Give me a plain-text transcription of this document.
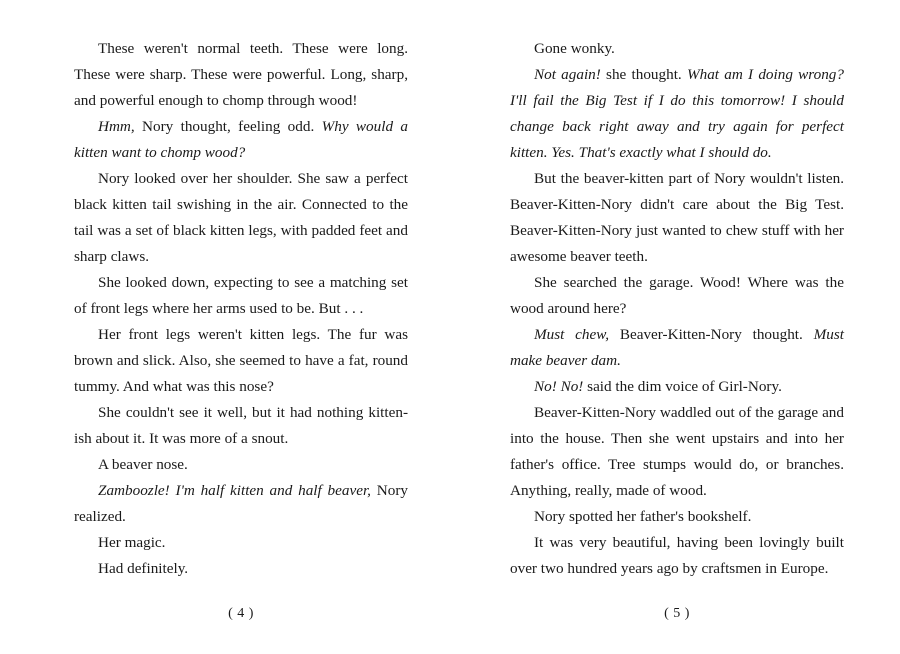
These weren't normal teeth. These were long. These were sharp. These were powerful. Long, sharp, and powerful enough to chomp through wood!

Hmm, Nory thought, feeling odd. Why would a kitten want to chomp wood?

Nory looked over her shoulder. She saw a perfect black kitten tail swishing in the air. Connected to the tail was a set of black kitten legs, with padded feet and sharp claws.

She looked down, expecting to see a matching set of front legs where her arms used to be. But . . .

Her front legs weren't kitten legs. The fur was brown and slick. Also, she seemed to have a fat, round tummy. And what was this nose?

She couldn't see it well, but it had nothing kittenish about it. It was more of a snout.

A beaver nose.

Zamboozle! I'm half kitten and half beaver, Nory realized.

Her magic.

Had definitely.

Gone wonky.

Not again! she thought. What am I doing wrong? I'll fail the Big Test if I do this tomorrow! I should change back right away and try again for perfect kitten. Yes. That's exactly what I should do.

But the beaver-kitten part of Nory wouldn't listen. Beaver-Kitten-Nory didn't care about the Big Test. Beaver-Kitten-Nory just wanted to chew stuff with her awesome beaver teeth.

She searched the garage. Wood! Where was the wood around here?

Must chew, Beaver-Kitten-Nory thought. Must make beaver dam.

No! No! said the dim voice of Girl-Nory.

Beaver-Kitten-Nory waddled out of the garage and into the house. Then she went upstairs and into her father's office. Tree stumps would do, or branches. Anything, really, made of wood.

Nory spotted her father's bookshelf.

It was very beautiful, having been lovingly built over two hundred years ago by craftsmen in Europe.

( 4 )	( 5 )
